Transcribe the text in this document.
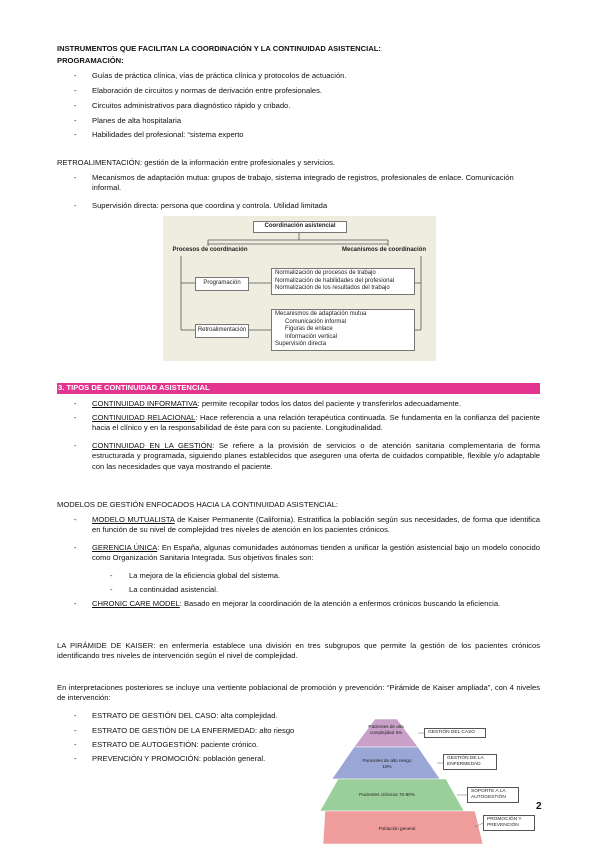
INSTRUMENTOS QUE FACILITAN LA COORDINACIÓN Y LA CONTINUIDAD ASISTENCIAL:
PROGRAMACIÓN:
- Guías de práctica clínica, vías de práctica clínica y protocolos de actuación.
- Elaboración de circuitos y normas de derivación entre profesionales.
- Circuitos administrativos para diagnóstico rápido y cribado.
- Planes de alta hospitalaria
- Habilidades del profesional: “sistema experto
RETROALIMENTACIÓN: gestión de la información entre profesionales y servicios.
- Mecanismos de adaptación mutua: grupos de trabajo, sistema integrado de registros, profesionales de enlace. Comunicación informal.
- Supervisión directa: persona que coordina y controla. Utilidad limitada
Coordinación asistencial
Procesos de coordinación	Mecanismos de coordinación
Programación
Retroalimentación
Normalización de procesos de trabajo
Normalización de habilidades del profesional
Normalización de los resultados del trabajo
Mecanismos de adaptación mutua
Comunicación informal
Figuras de enlace
Información vertical
Supervisión directa
3. TIPOS DE CONTINUIDAD ASISTENCIAL
- CONTINUIDAD INFORMATIVA: permite recopilar todos los datos del paciente y transferirlos adecuadamente.
- CONTINUIDAD RELACIONAL: Hace referencia a una relación terapéutica continuada. Se fundamenta en la confianza del paciente hacia el clínico y en la responsabilidad de éste para con su paciente. Longitudinalidad.
- CONTINUIDAD EN LA GESTIÓN: Se refiere a la provisión de servicios o de atención sanitaria complementaria de forma estructurada y programada, siguiendo planes establecidos que aseguren una oferta de cuidados compatible, flexible y/o adaptable con las necesidades que vaya mostrando el paciente.
MODELOS DE GESTIÓN ENFOCADOS HACIA LA CONTINUIDAD ASISTENCIAL:
- MODELO MUTUALISTA de Kaiser Permanente (California). Estratifica la población según sus necesidades, de forma que identifica en función de su nivel de complejidad tres niveles de atención en los pacientes crónicos.
- GERENCIA ÚNICA: En España, algunas comunidades autónomas tienden a unificar la gestión asistencial bajo un modelo conocido como Organización Sanitaria Integrada. Sus objetivos finales son:
- La mejora de la eficiencia global del sistema.
- La continuidad asistencial.
- CHRONIC CARE MODEL: Basado en mejorar la coordinación de la atención a enfermos crónicos buscando la eficiencia.
LA PIRÁMIDE DE KAISER: en enfermería establece una división en tres subgrupos que permite la gestión de los pacientes crónicos identificando tres niveles de intervención según el nivel de complejidad.
En interpretaciones posteriores se incluye una vertiente poblacional de promoción y prevención: “Pirámide de Kaiser ampliada”, con 4 niveles de intervención:
- ESTRATO DE GESTIÓN DEL CASO: alta complejidad.
- ESTRATO DE GESTIÓN DE LA ENFERMEDAD: alto riesgo
- ESTRATO DE AUTOGESTIÓN: paciente crónico.
- PREVENCIÓN Y PROMOCIÓN: población general.
Pacientes de alta complejidad 5%
Pacientes de alto riesgo 15%
Pacientes crónicos 70-80%
Población general
GESTIÓN DEL CASO
GESTIÓN DE LA ENFERMEDAD
SOPORTE A LA AUTOGESTIÓN
PROMOCIÓN Y PREVENCIÓN
2
